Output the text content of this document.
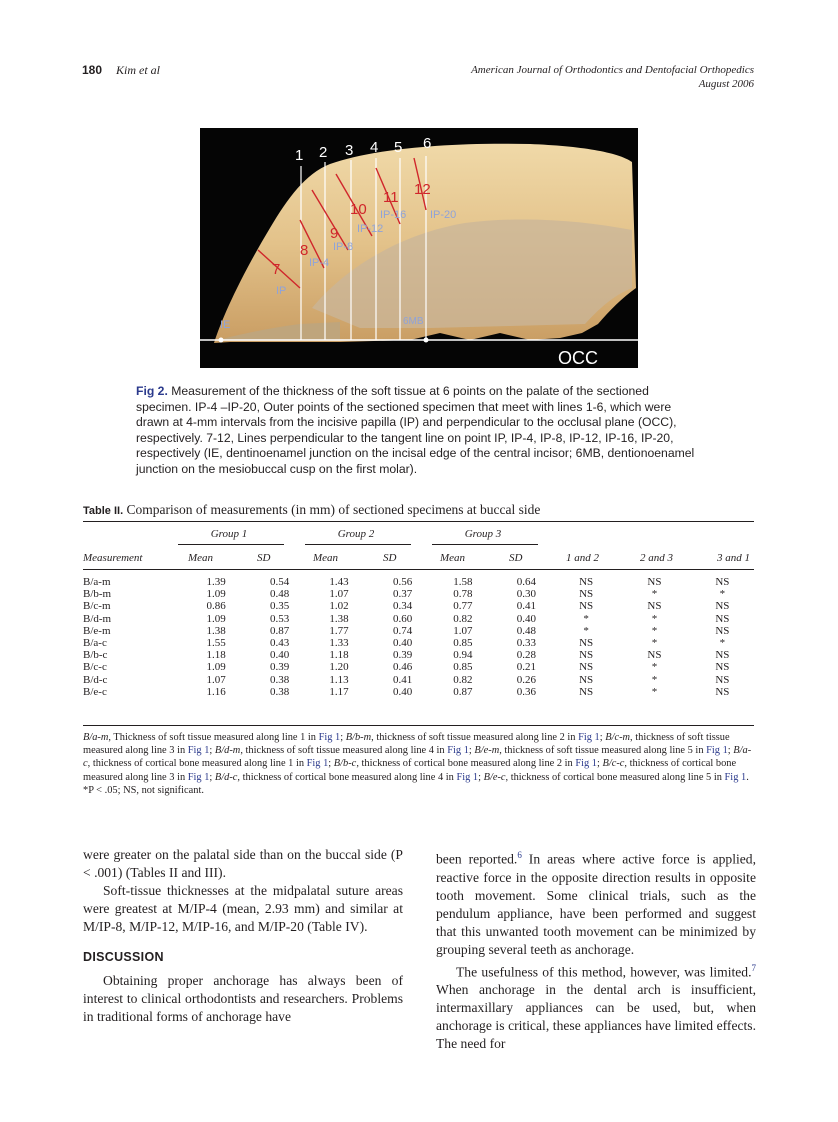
180 Kim et al	American Journal of Orthodontics and Dentofacial Orthopedics
August 2006
1 2 3 4 5 6
7
8
9
10
11 12
IP
IP-4
IP-8
IP-12
IP-16 IP-20
IE	6MB
OCC
Fig 2. Measurement of the thickness of the soft tissue at 6 points on the palate of the sectioned specimen. IP-4 –IP-20, Outer points of the sectioned specimen that meet with lines 1-6, which were drawn at 4-mm intervals from the incisive papilla (IP) and perpendicular to the occlusal plane (OCC), respectively. 7-12, Lines perpendicular to the tangent line on point IP, IP-4, IP-8, IP-12, IP-16, IP-20, respectively (IE, dentinoenamel junction on the incisal edge of the central incisor; 6MB, dentionoenamel junction on the mesiobuccal cusp on the first molar).
Table II. Comparison of measurements (in mm) of sectioned specimens at buccal side
Group 1	Group 2	Group 3
Measurement	Mean	SD	Mean	SD	Mean	SD	1 and 2	2 and 3	3 and 1
B/a-m	1.39	0.54	1.43	0.56	1.58	0.64	NS	NS	NS
B/b-m	1.09	0.48	1.07	0.37	0.78	0.30	NS	*	*
B/c-m	0.86	0.35	1.02	0.34	0.77	0.41	NS	NS	NS
B/d-m	1.09	0.53	1.38	0.60	0.82	0.40	*	*	NS
B/e-m	1.38	0.87	1.77	0.74	1.07	0.48	*	*	NS
B/a-c	1.55	0.43	1.33	0.40	0.85	0.33	NS	*	*
B/b-c	1.18	0.40	1.18	0.39	0.94	0.28	NS	NS	NS
B/c-c	1.09	0.39	1.20	0.46	0.85	0.21	NS	*	NS
B/d-c	1.07	0.38	1.13	0.41	0.82	0.26	NS	*	NS
B/e-c	1.16	0.38	1.17	0.40	0.87	0.36	NS	*	NS
B/a-m, Thickness of soft tissue measured along line 1 in Fig 1; B/b-m, thickness of soft tissue measured along line 2 in Fig 1; B/c-m, thickness of soft tissue measured along line 3 in Fig 1; B/d-m, thickness of soft tissue measured along line 4 in Fig 1; B/e-m, thickness of soft tissue measured along line 5 in Fig 1; B/a-c, thickness of cortical bone measured along line 1 in Fig 1; B/b-c, thickness of cortical bone measured along line 2 in Fig 1; B/c-c, thickness of cortical bone measured along line 3 in Fig 1; B/d-c, thickness of cortical bone measured along line 4 in Fig 1; B/e-c, thickness of cortical bone measured along line 5 in Fig 1.
*P < .05; NS, not significant.

were greater on the palatal side than on the buccal side (P < .001) (Tables II and III).

Soft-tissue thicknesses at the midpalatal suture areas were greatest at M/IP-4 (mean, 2.93 mm) and similar at M/IP-8, M/IP-12, M/IP-16, and M/IP-20 (Table IV).

DISCUSSION

Obtaining proper anchorage has always been of interest to clinical orthodontists and researchers. Problems in traditional forms of anchorage have

been reported.$^6$ In areas where active force is applied, reactive force in the opposite direction results in opposite tooth movement. Some clinical trials, such as the pendulum appliance, have been performed and suggest that this unwanted tooth movement can be minimized by grouping several teeth as anchorage.

The usefulness of this method, however, was limited.$^7$ When anchorage in the dental arch is insufficient, intermaxillary appliances can be used, but, when anchorage is critical, these appliances have limited effects. The need for
